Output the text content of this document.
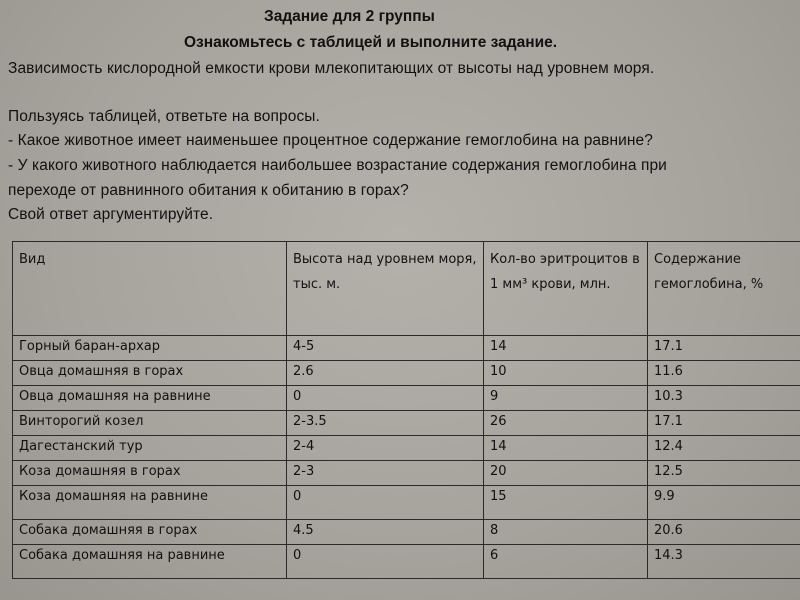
Задание для 2 группы
Ознакомьтесь с таблицей и выполните задание.
Зависимость кислородной емкости крови млекопитающих от высоты над уровнем моря.
Пользуясь таблицей, ответьте на вопросы.
- Какое животное имеет наименьшее процентное содержание гемоглобина на равнине?
- У какого животного наблюдается наибольшее возрастание содержания гемоглобина при
переходе от равнинного обитания к обитанию в горах?
Свой ответ аргументируйте.
Вид	Высота над уровнем моря, тыс. м.	Кол-во эритроцитов в 1 мм³ крови, млн.	Содержание гемоглобина, %
Горный баран-архар	4-5	14	17.1
Овца домашняя в горах	2.6	10	11.6
Овца домашняя на равнине	0	9	10.3
Винторогий козел	2-3.5	26	17.1
Дагестанский тур	2-4	14	12.4
Коза домашняя в горах	2-3	20	12.5
Коза домашняя на равнине	0	15	9.9
Собака домашняя в горах	4.5	8	20.6
Собака домашняя на равнине	0	6	14.3
